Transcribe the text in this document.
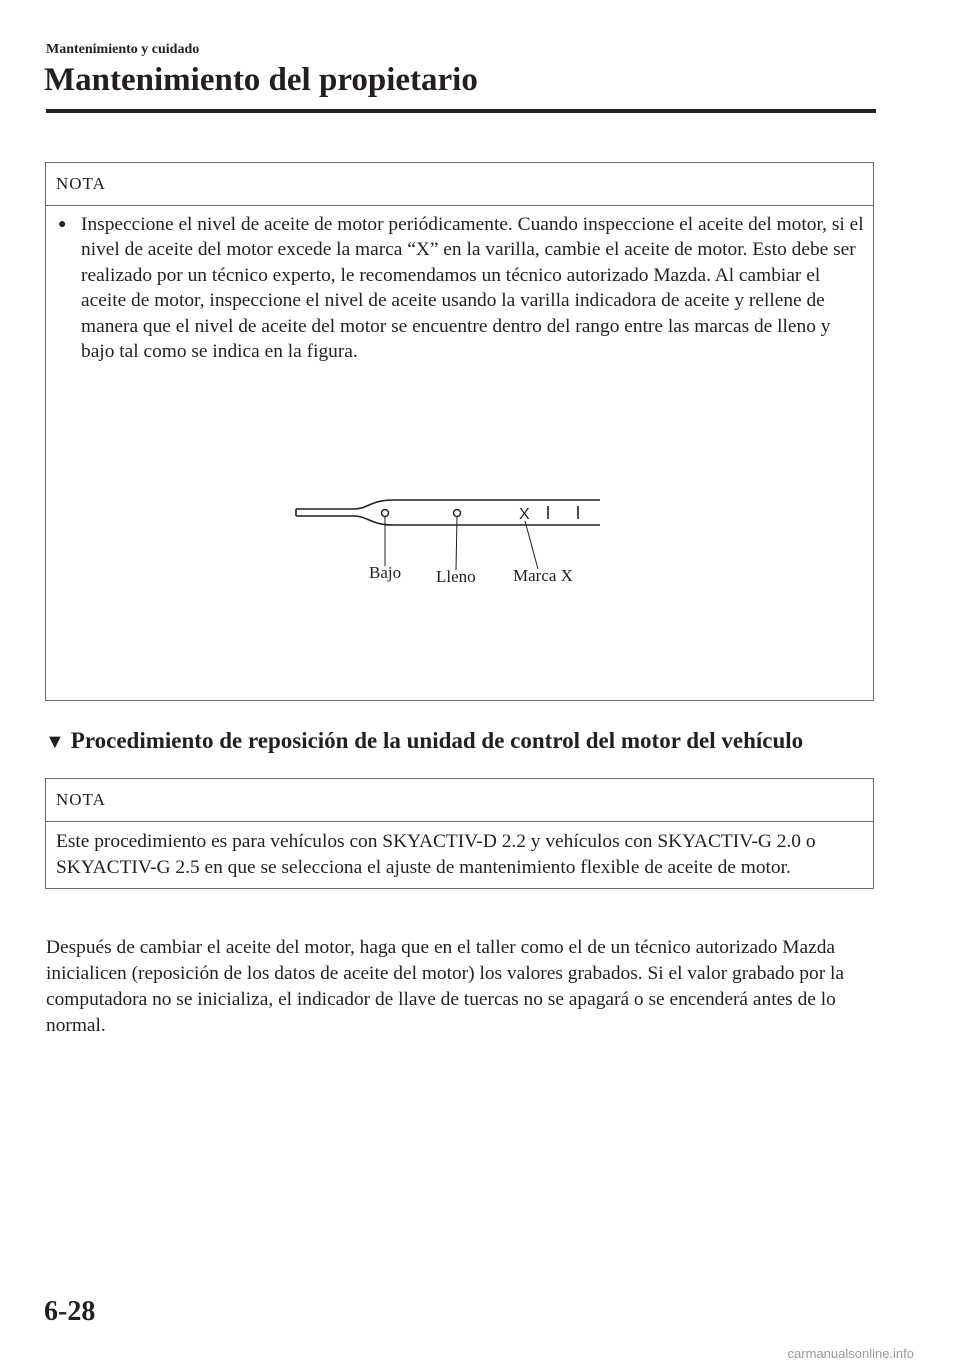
Mantenimiento y cuidado
Mantenimiento del propietario
NOTA
● Inspeccione el nivel de aceite de motor periódicamente. Cuando inspeccione el aceite del motor, si el nivel de aceite del motor excede la marca “X” en la varilla, cambie el aceite de motor. Esto debe ser realizado por un técnico experto, le recomendamos un técnico autorizado Mazda. Al cambiar el aceite de motor, inspeccione el nivel de aceite usando la varilla indicadora de aceite y rellene de manera que el nivel de aceite del motor se encuentre dentro del rango entre las marcas de lleno y bajo tal como se indica en la figura.
X
Bajo Lleno Marca X
▼ Procedimiento de reposición de la unidad de control del motor del vehículo
NOTA
Este procedimiento es para vehículos con SKYACTIV-D 2.2 y vehículos con SKYACTIV-G 2.0 o SKYACTIV-G 2.5 en que se selecciona el ajuste de mantenimiento flexible de aceite de motor.

Después de cambiar el aceite del motor, haga que en el taller como el de un técnico autorizado Mazda inicialicen (reposición de los datos de aceite del motor) los valores grabados. Si el valor grabado por la computadora no se inicializa, el indicador de llave de tuercas no se apagará o se encenderá antes de lo normal.

6-28
carmanualsonline.info
